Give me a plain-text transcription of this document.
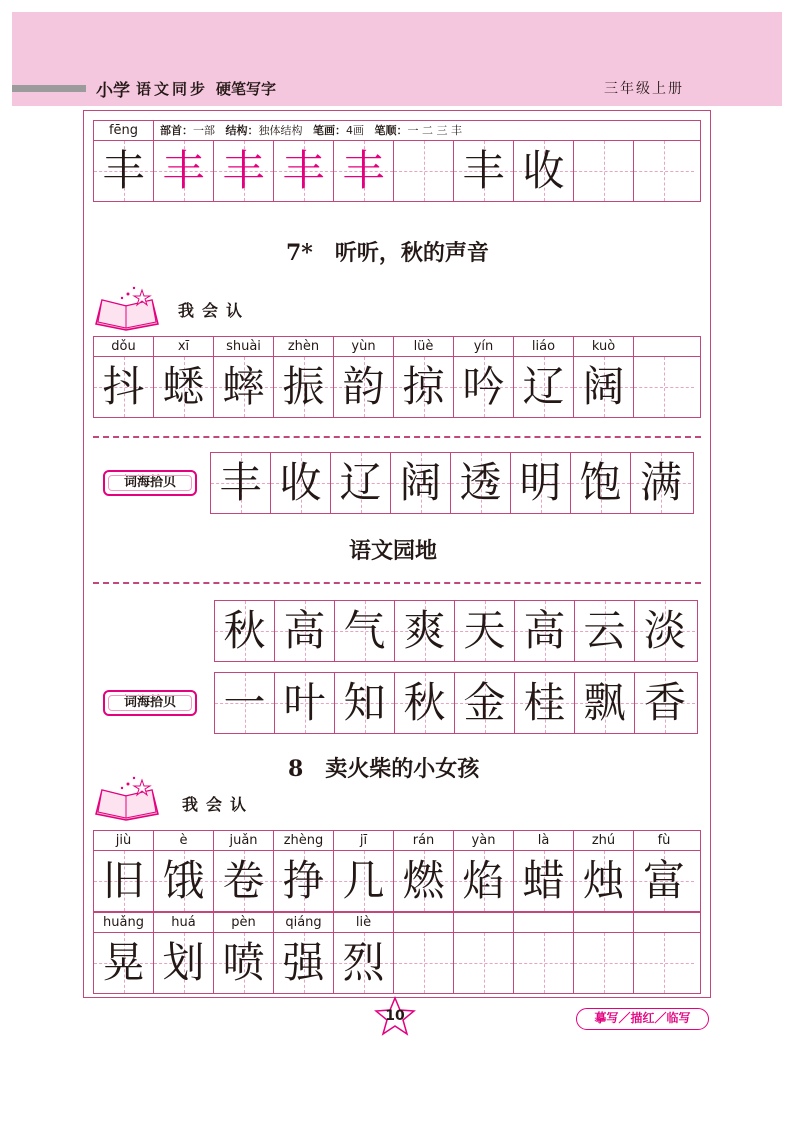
小学 语文同步 硬笔写字	三年级上册
fēng	部首：一部 结构：独体结构 笔画：4画 笔顺：一 二 三 丰
丰 丰 丰 丰 丰 丰 收
7*　听听，秋的声音
我会认
dǒu	xī	shuài	zhèn	yùn	lüè	yín	liáo	kuò
抖 蟋 蟀 振 韵 掠 吟 辽 阔
词海拾贝	丰 收 辽 阔 透 明 饱 满
语文园地
秋 高 气 爽 天 高 云 淡
词海拾贝	一 叶 知 秋 金 桂 飘 香
8　卖火柴的小女孩
我会认
jiù	è	juǎn	zhèng	jī	rán	yàn	là	zhú	fù
旧 饿 卷 挣 几 燃 焰 蜡 烛 富
huǎng	huá	pèn	qiáng	liè
晃 划 喷 强 烈
10	摹写／描红／临写
